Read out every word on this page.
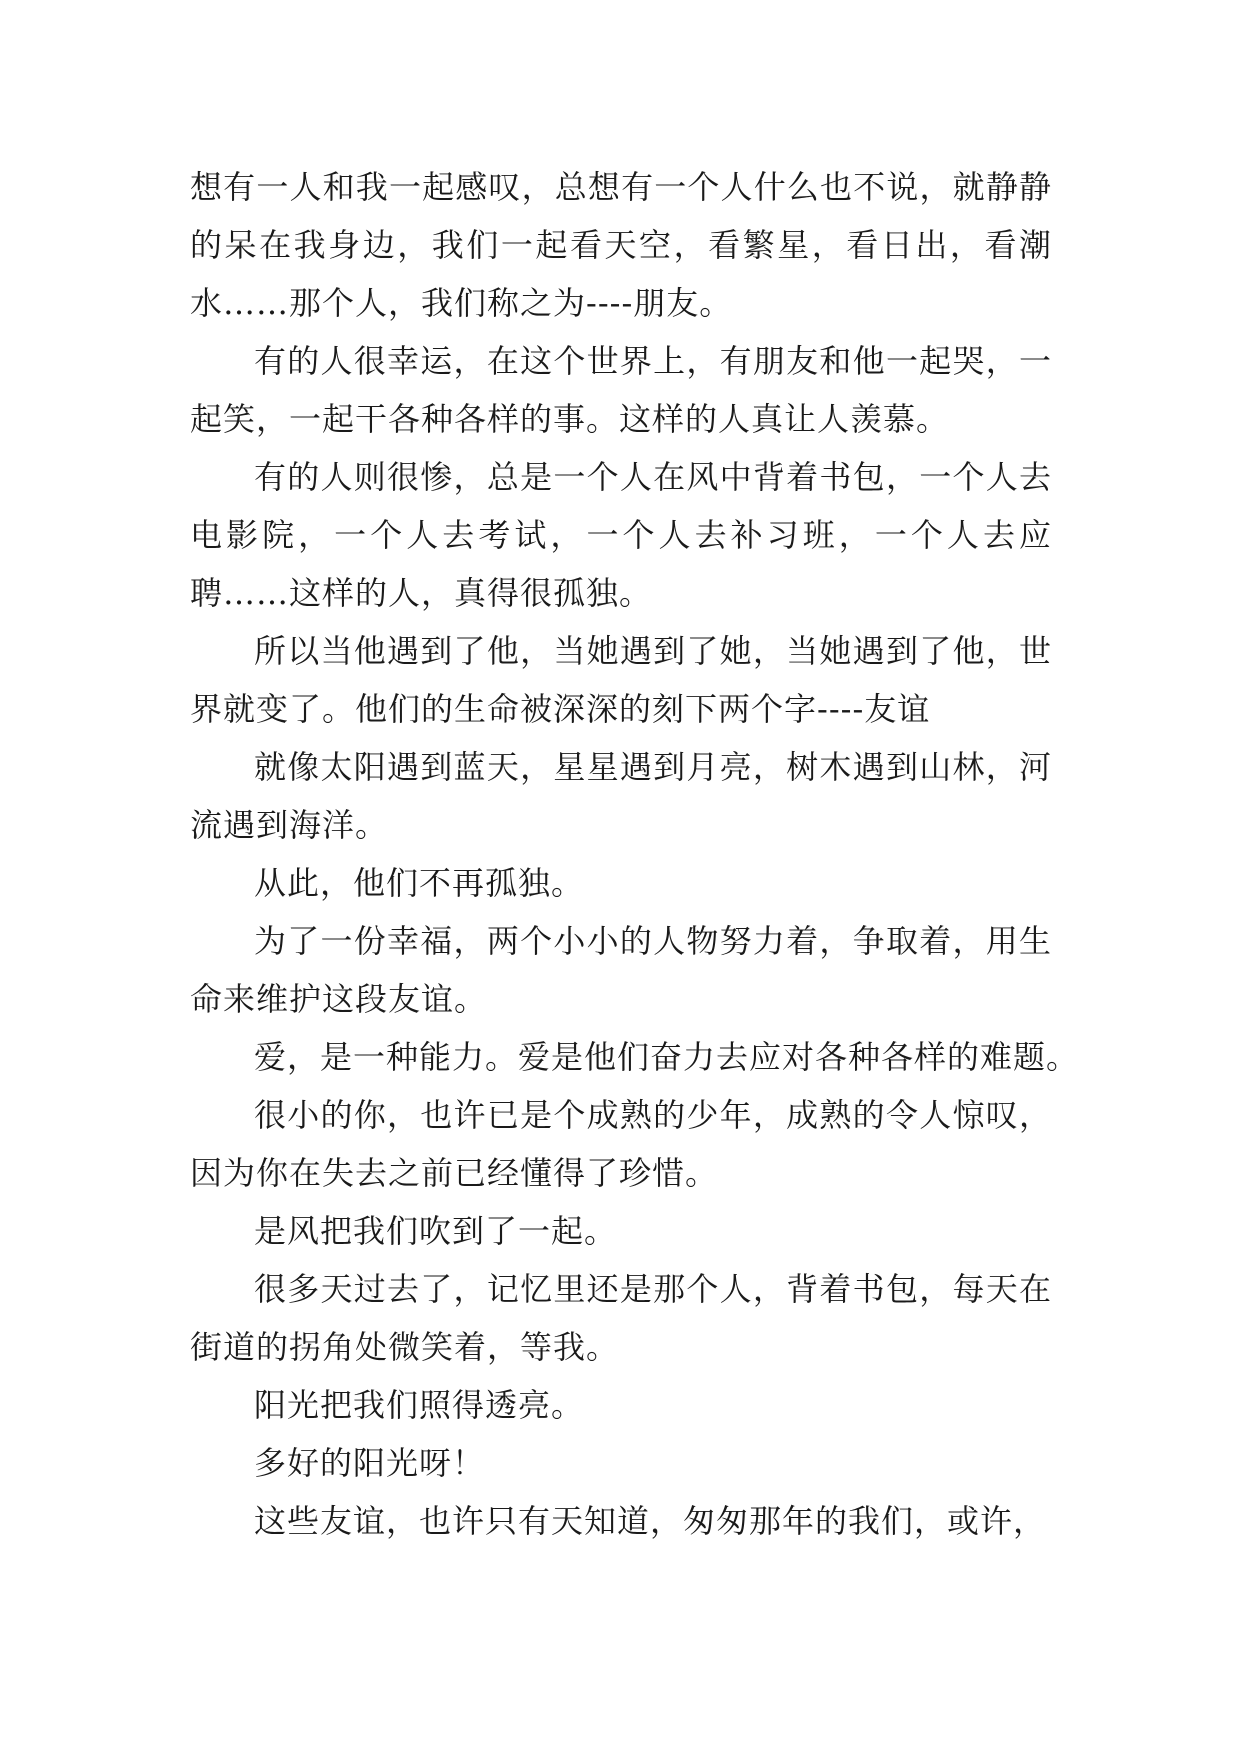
想有一人和我一起感叹，总想有一个人什么也不说，就静静
的呆在我身边，我们一起看天空，看繁星，看日出，看潮
水……那个人，我们称之为----朋友。
有的人很幸运，在这个世界上，有朋友和他一起哭，一
起笑，一起干各种各样的事。这样的人真让人羡慕。
有的人则很惨，总是一个人在风中背着书包，一个人去
电影院，一个人去考试，一个人去补习班，一个人去应
聘……这样的人，真得很孤独。
所以当他遇到了他，当她遇到了她，当她遇到了他，世
界就变了。他们的生命被深深的刻下两个字----友谊
就像太阳遇到蓝天，星星遇到月亮，树木遇到山林，河
流遇到海洋。
从此，他们不再孤独。
为了一份幸福，两个小小的人物努力着，争取着，用生
命来维护这段友谊。
爱，是一种能力。爱是他们奋力去应对各种各样的难题。
很小的你，也许已是个成熟的少年，成熟的令人惊叹，
因为你在失去之前已经懂得了珍惜。
是风把我们吹到了一起。
很多天过去了，记忆里还是那个人，背着书包，每天在
街道的拐角处微笑着，等我。
阳光把我们照得透亮。
多好的阳光呀！
这些友谊，也许只有天知道，匆匆那年的我们，或许，
